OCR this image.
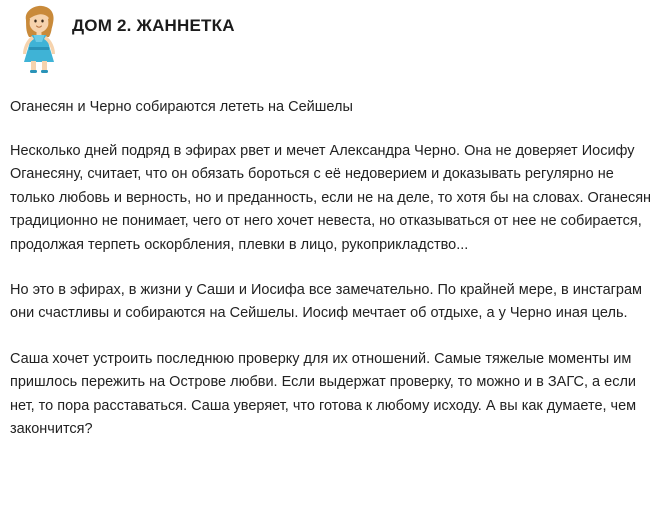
ДОМ 2. ЖАННЕТКА
Оганесян и Черно собираются лететь на Сейшелы

Несколько дней подряд в эфирах рвет и мечет Александра Черно. Она не доверяет Иосифу Оганесяну, считает, что он обязать бороться с её недоверием и доказывать регулярно не только любовь и верность, но и преданность, если не на деле, то хотя бы на словах. Оганесян традиционно не понимает, чего от него хочет невеста, но отказываться от нее не собирается, продолжая терпеть оскорбления, плевки в лицо, рукоприкладство...

Но это в эфирах, в жизни у Саши и Иосифа все замечательно. По крайней мере, в инстаграм они счастливы и собираются на Сейшелы. Иосиф мечтает об отдыхе, а у Черно иная цель.

Саша хочет устроить последнюю проверку для их отношений. Самые тяжелые моменты им пришлось пережить на Острове любви. Если выдержат проверку, то можно и в ЗАГС, а если нет, то пора расставаться. Саша уверяет, что готова к любому исходу. А вы как думаете, чем закончится?
